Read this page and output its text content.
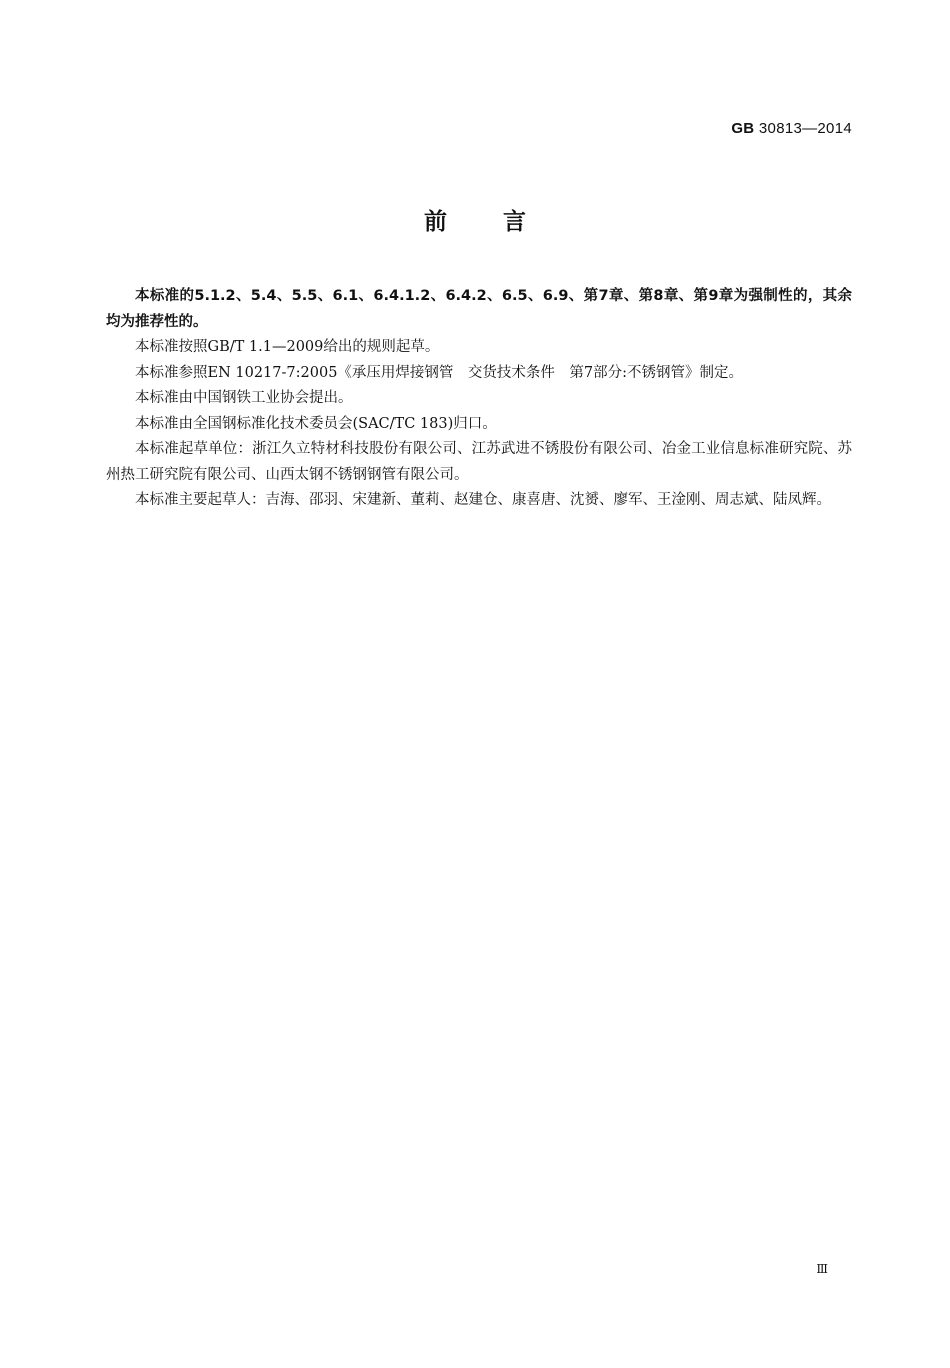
GB 30813—2014
前言

本标准的5.1.2、5.4、5.5、6.1、6.4.1.2、6.4.2、6.5、6.9、第7章、第8章、第9章为强制性的，其余均为推荐性的。

本标准按照GB/T 1.1—2009给出的规则起草。

本标准参照EN 10217-7:2005《承压用焊接钢管　交货技术条件　第7部分:不锈钢管》制定。

本标准由中国钢铁工业协会提出。

本标准由全国钢标准化技术委员会(SAC/TC 183)归口。

本标准起草单位：浙江久立特材科技股份有限公司、江苏武进不锈股份有限公司、冶金工业信息标准研究院、苏州热工研究院有限公司、山西太钢不锈钢钢管有限公司。

本标准主要起草人：吉海、邵羽、宋建新、董莉、赵建仓、康喜唐、沈赟、廖军、王淦刚、周志斌、陆凤辉。

Ⅲ
